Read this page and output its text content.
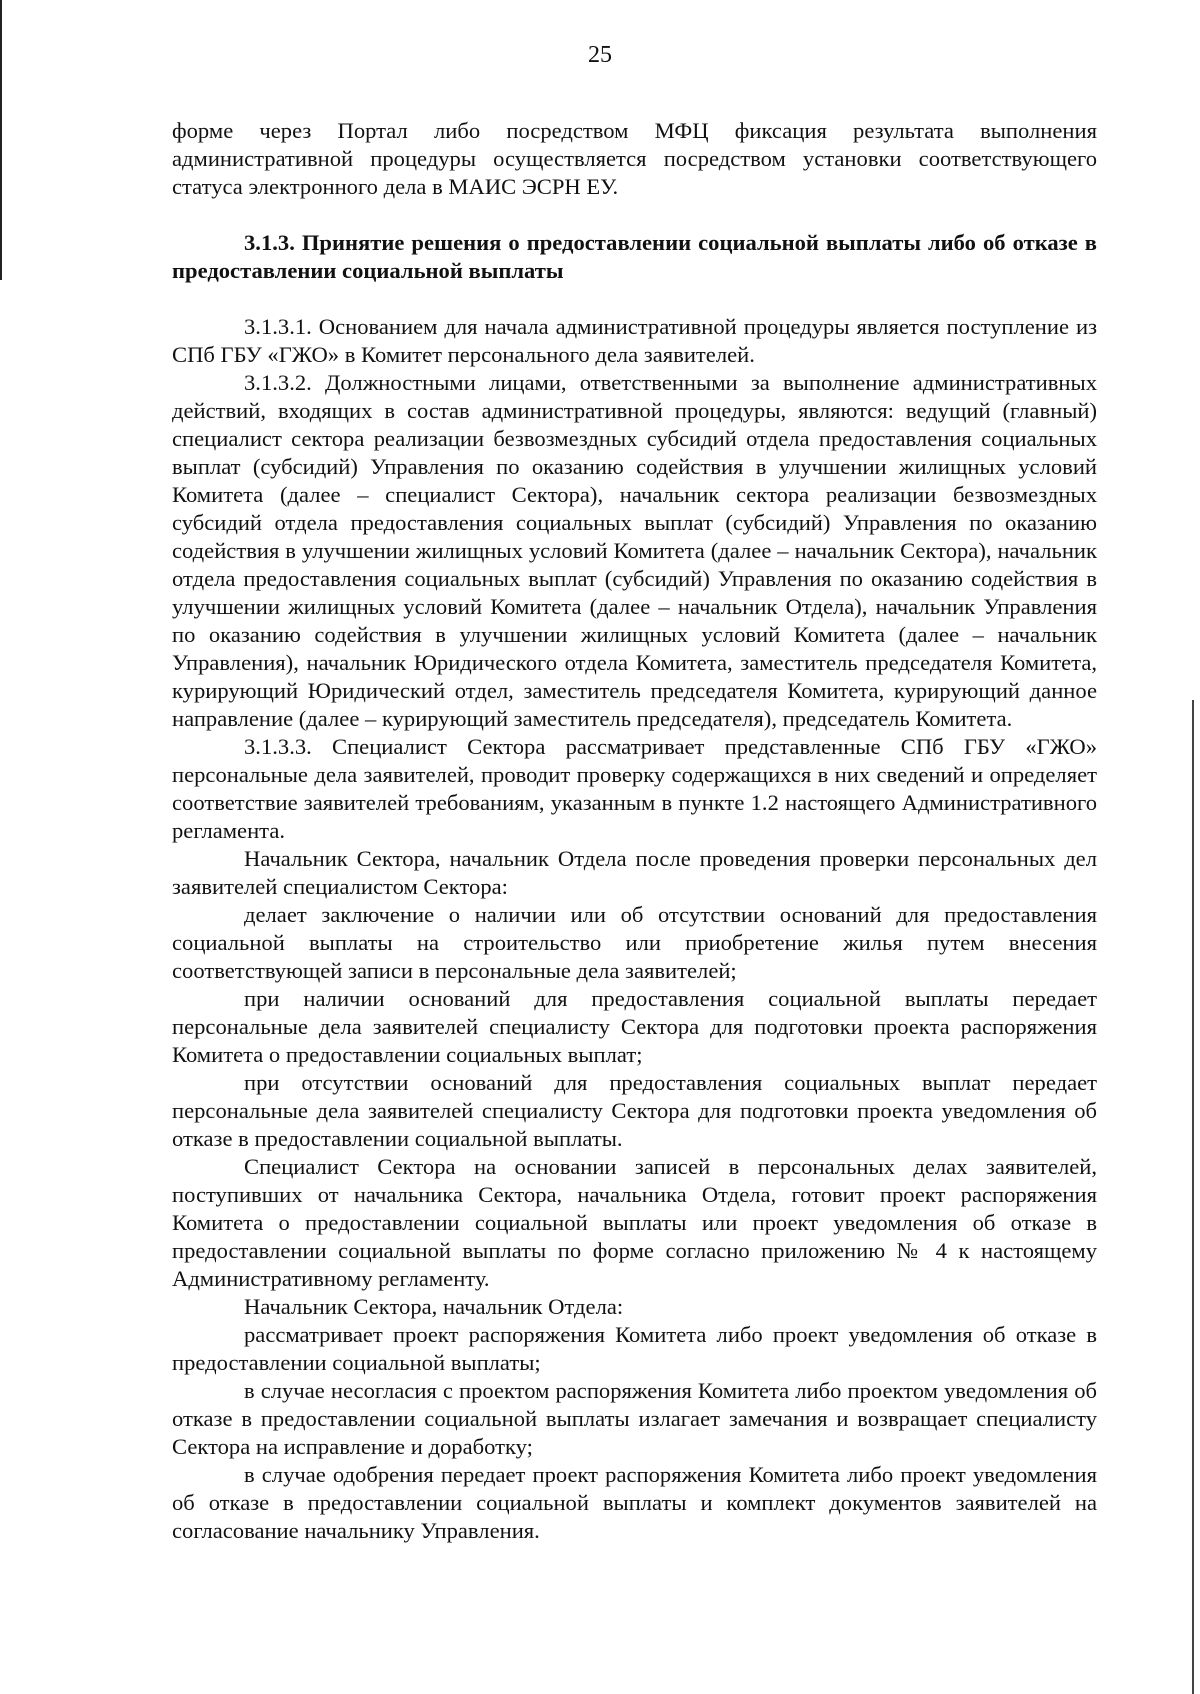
25

форме через Портал либо посредством МФЦ фиксация результата выполнения административной процедуры осуществляется посредством установки соответствующего статуса электронного дела в МАИС ЭСРН ЕУ.

3.1.3. Принятие решения о предоставлении социальной выплаты либо об отказе в предоставлении социальной выплаты

3.1.3.1. Основанием для начала административной процедуры является поступление из СПб ГБУ «ГЖО» в Комитет персонального дела заявителей.

3.1.3.2. Должностными лицами, ответственными за выполнение административных действий, входящих в состав административной процедуры, являются: ведущий (главный) специалист сектора реализации безвозмездных субсидий отдела предоставления социальных выплат (субсидий) Управления по оказанию содействия в улучшении жилищных условий Комитета (далее – специалист Сектора), начальник сектора реализации безвозмездных субсидий отдела предоставления социальных выплат (субсидий) Управления по оказанию содействия в улучшении жилищных условий Комитета (далее – начальник Сектора), начальник отдела предоставления социальных выплат (субсидий) Управления по оказанию содействия в улучшении жилищных условий Комитета (далее – начальник Отдела), начальник Управления по оказанию содействия в улучшении жилищных условий Комитета (далее – начальник Управления), начальник Юридического отдела Комитета, заместитель председателя Комитета, курирующий Юридический отдел, заместитель председателя Комитета, курирующий данное направление (далее – курирующий заместитель председателя), председатель Комитета.

3.1.3.3. Специалист Сектора рассматривает представленные СПб ГБУ «ГЖО» персональные дела заявителей, проводит проверку содержащихся в них сведений и определяет соответствие заявителей требованиям, указанным в пункте 1.2 настоящего Административного регламента.

Начальник Сектора, начальник Отдела после проведения проверки персональных дел заявителей специалистом Сектора:

делает заключение о наличии или об отсутствии оснований для предоставления социальной выплаты на строительство или приобретение жилья путем внесения соответствующей записи в персональные дела заявителей;

при наличии оснований для предоставления социальной выплаты передает персональные дела заявителей специалисту Сектора для подготовки проекта распоряжения Комитета о предоставлении социальных выплат;

при отсутствии оснований для предоставления социальных выплат передает персональные дела заявителей специалисту Сектора для подготовки проекта уведомления об отказе в предоставлении социальной выплаты.

Специалист Сектора на основании записей в персональных делах заявителей, поступивших от начальника Сектора, начальника Отдела, готовит проект распоряжения Комитета о предоставлении социальной выплаты или проект уведомления об отказе в предоставлении социальной выплаты по форме согласно приложению № 4 к настоящему Административному регламенту.

Начальник Сектора, начальник Отдела:

рассматривает проект распоряжения Комитета либо проект уведомления об отказе в предоставлении социальной выплаты;

в случае несогласия с проектом распоряжения Комитета либо проектом уведомления об отказе в предоставлении социальной выплаты излагает замечания и возвращает специалисту Сектора на исправление и доработку;

в случае одобрения передает проект распоряжения Комитета либо проект уведомления об отказе в предоставлении социальной выплаты и комплект документов заявителей на согласование начальнику Управления.
